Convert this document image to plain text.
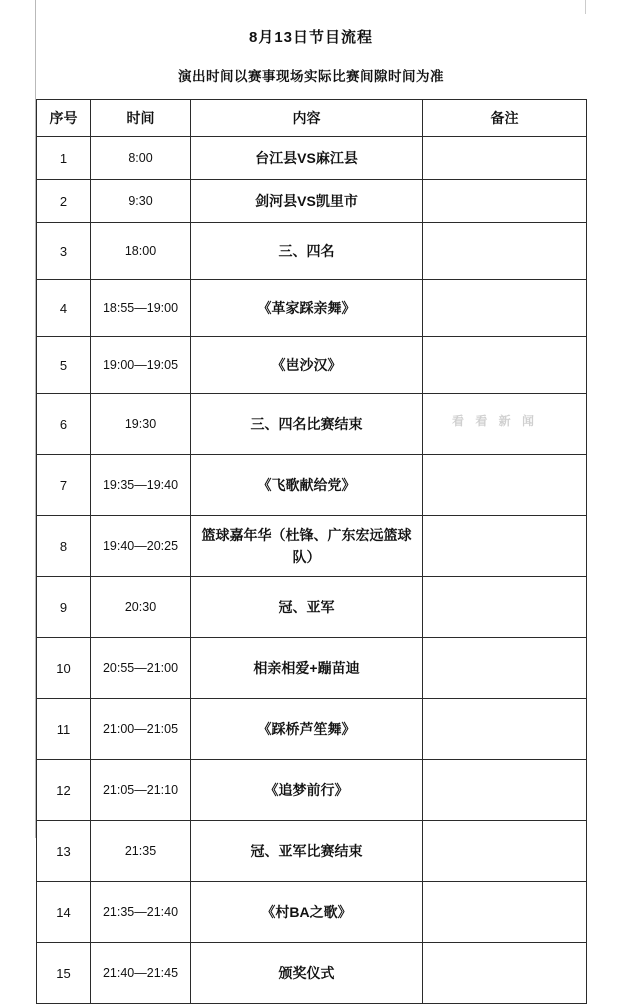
8月13日节目流程
演出时间以赛事现场实际比赛间隙时间为准
序号	时间	内容	备注
1	8:00	台江县VS麻江县	
2	9:30	剑河县VS凯里市	
3	18:00	三、四名	
4	18:55—19:00	《革家踩亲舞》	
5	19:00—19:05	《岜沙汉》	
6	19:30	三、四名比赛结束	
7	19:35—19:40	《飞歌献给党》	
8	19:40—20:25	篮球嘉年华（杜锋、广东宏远篮球队）	
9	20:30	冠、亚军	
10	20:55—21:00	相亲相爱+蹦苗迪	
11	21:00—21:05	《踩桥芦笙舞》	
12	21:05—21:10	《追梦前行》	
13	21:35	冠、亚军比赛结束	
14	21:35—21:40	《村BA之歌》	
15	21:40—21:45	颁奖仪式	
看 看 新 闻
